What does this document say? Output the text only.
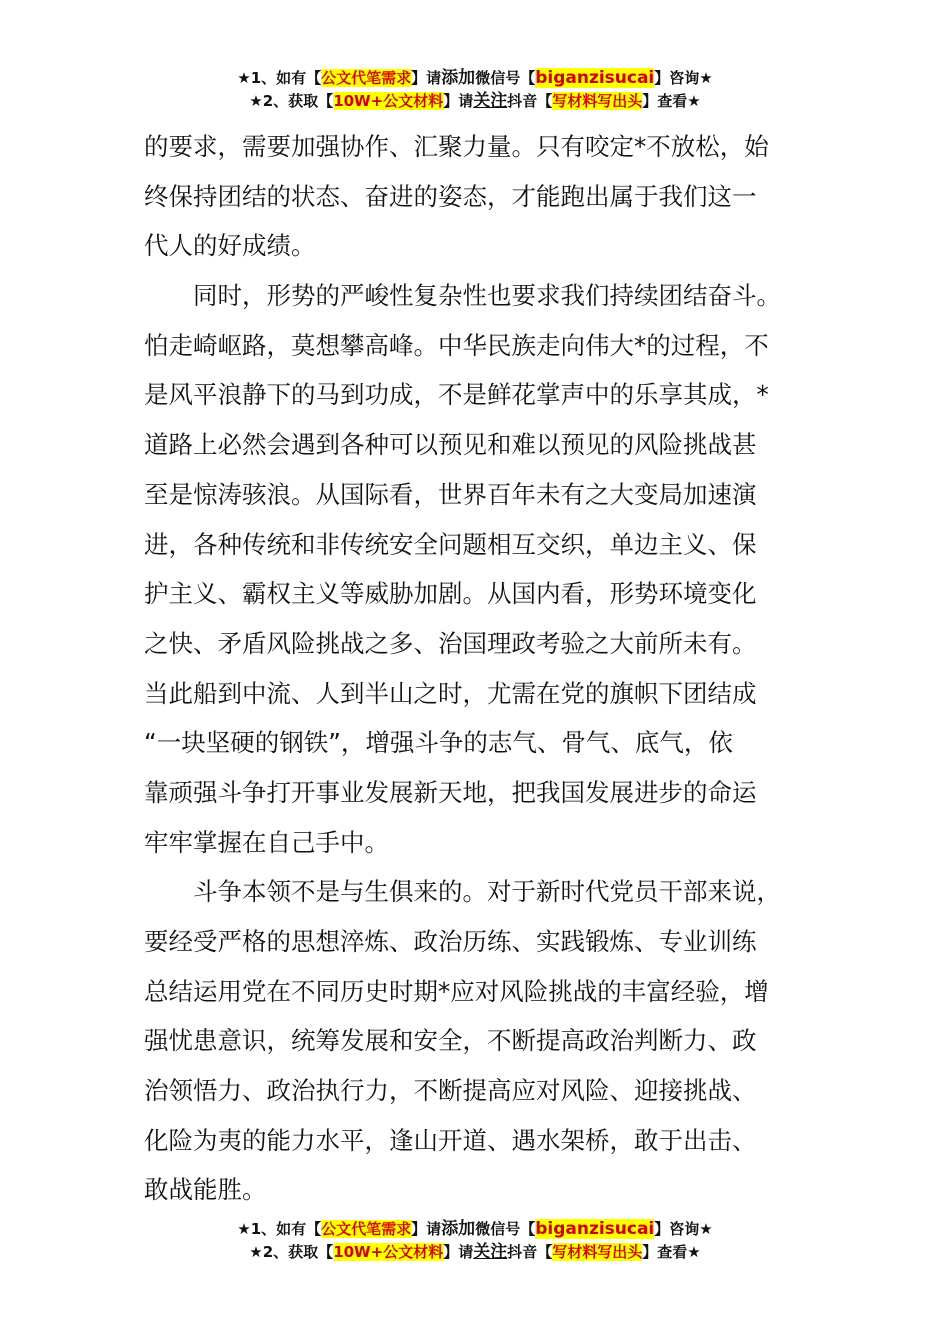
★1、如有【公文代笔需求】请添加微信号【biganzisucai】咨询★
★2、获取【10W+公文材料】请关注抖音【写材料写出头】查看★
的要求，需要加强协作、汇聚力量。只有咬定*不放松，始
终保持团结的状态、奋进的姿态，才能跑出属于我们这一
代人的好成绩。
　　同时，形势的严峻性复杂性也要求我们持续团结奋斗。
怕走崎岖路，莫想攀高峰。中华民族走向伟大*的过程，不
是风平浪静下的马到功成，不是鲜花掌声中的乐享其成，*
道路上必然会遇到各种可以预见和难以预见的风险挑战甚
至是惊涛骇浪。从国际看，世界百年未有之大变局加速演
进，各种传统和非传统安全问题相互交织，单边主义、保
护主义、霸权主义等威胁加剧。从国内看，形势环境变化
之快、矛盾风险挑战之多、治国理政考验之大前所未有。
当此船到中流、人到半山之时，尤需在党的旗帜下团结成
“一块坚硬的钢铁”，增强斗争的志气、骨气、底气，依
靠顽强斗争打开事业发展新天地，把我国发展进步的命运
牢牢掌握在自己手中。
　　斗争本领不是与生俱来的。对于新时代党员干部来说，
要经受严格的思想淬炼、政治历练、实践锻炼、专业训练
总结运用党在不同历史时期*应对风险挑战的丰富经验，增
强忧患意识，统筹发展和安全，不断提高政治判断力、政
治领悟力、政治执行力，不断提高应对风险、迎接挑战、
化险为夷的能力水平，逢山开道、遇水架桥，敢于出击、
敢战能胜。
★1、如有【公文代笔需求】请添加微信号【biganzisucai】咨询★
★2、获取【10W+公文材料】请关注抖音【写材料写出头】查看★
